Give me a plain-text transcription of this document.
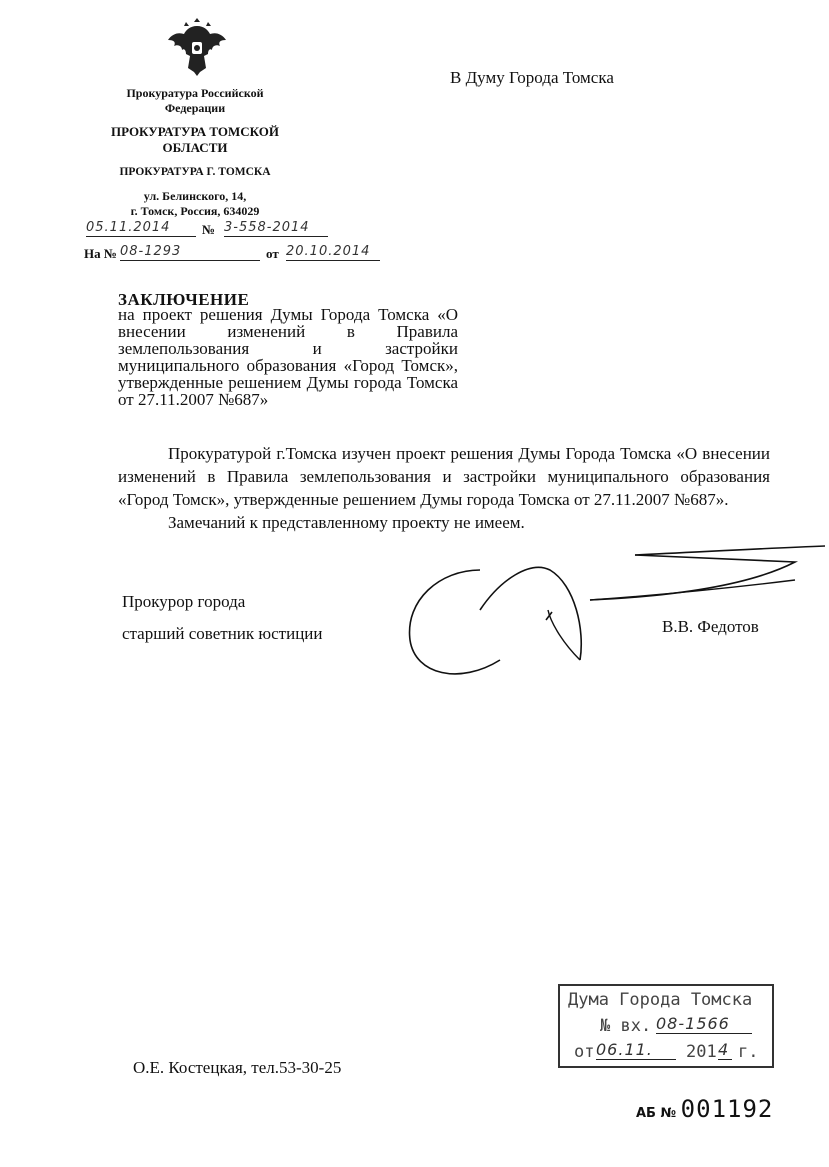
Прокуратура Российской Федерации
ПРОКУРАТУРА ТОМСКОЙ ОБЛАСТИ
ПРОКУРАТУРА Г. ТОМСКА
ул. Белинского, 14,
г. Томск, Россия, 634029
05.11.2014	№ 3-558-2014
На № 08-1293	от 20.10.2014
В Думу Города Томска
ЗАКЛЮЧЕНИЕ
на проект решения Думы Города Томска «О внесении изменений в Правила землепользования и застройки муниципального образования «Город Томск», утвержденные решением Думы города Томска от 27.11.2007 №687»

Прокуратурой г.Томска изучен проект решения Думы Города Томска «О внесении изменений в Правила землепользования и застройки муниципального образования «Город Томск», утвержденные решением Думы города Томска от 27.11.2007 №687».

Замечаний к представленному проекту не имеем.

Прокурор города
старший советник юстиции	В.В. Федотов
О.Е. Костецкая, тел.53-30-25
Дума Города Томска
№ вх. 08-1566
от 06.11.	201 4 г.
АБ № 001192
